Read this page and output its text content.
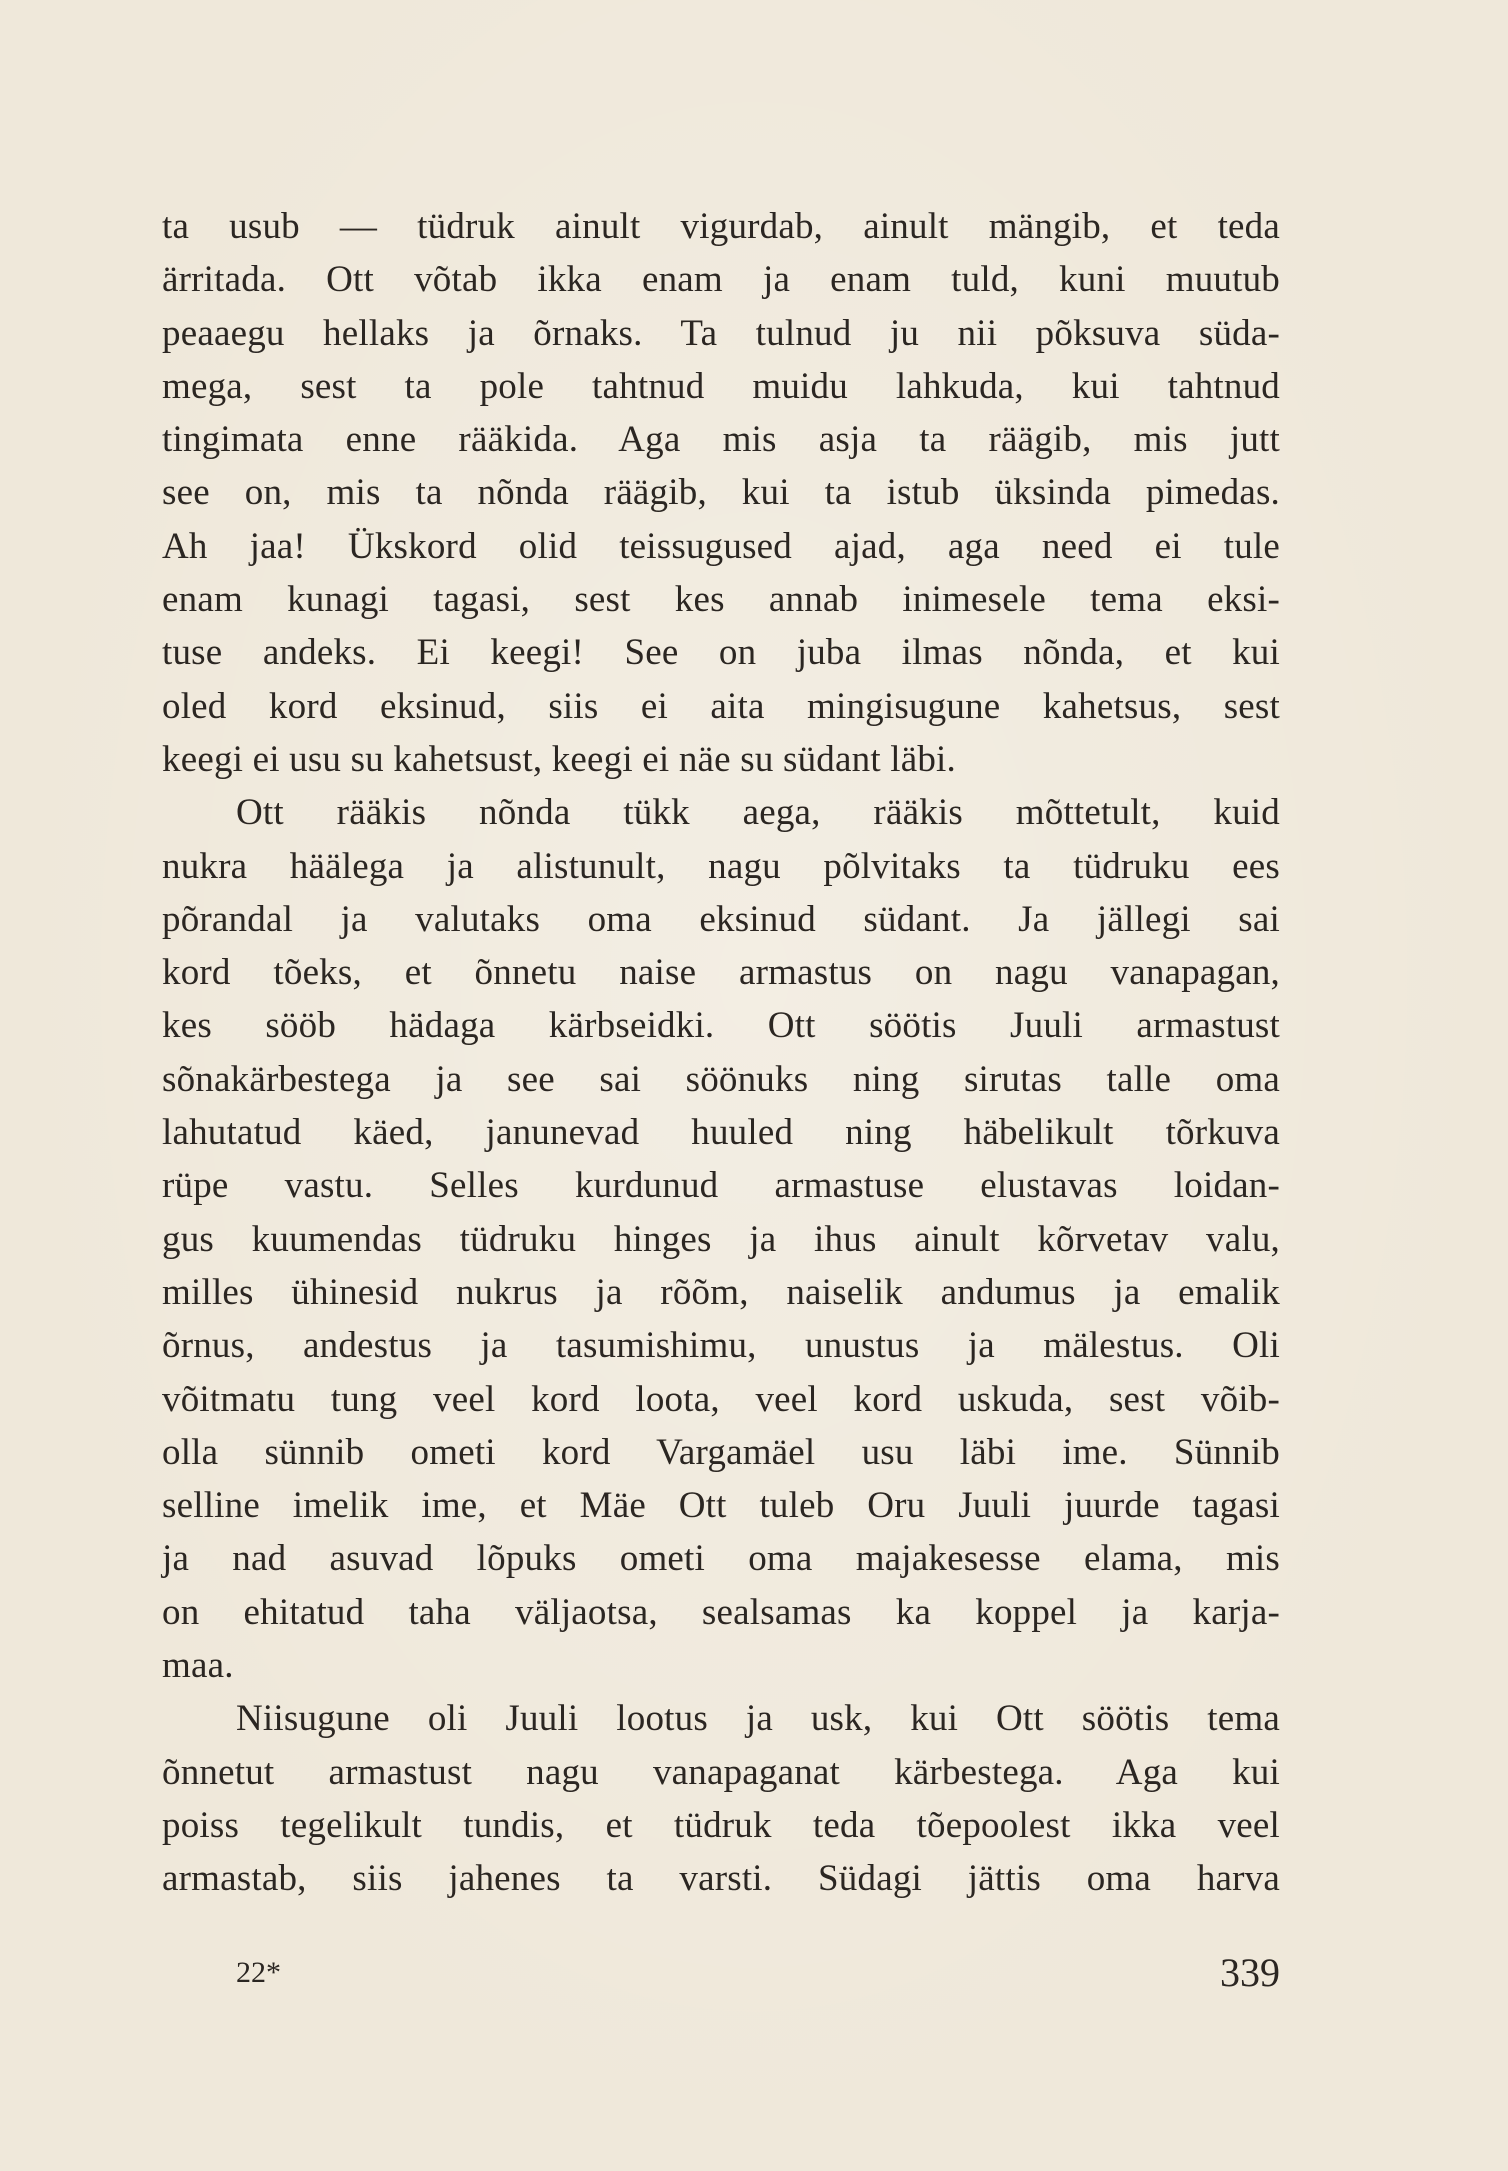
ta usub — tüdruk ainult vigurdab, ainult mängib, et teda
ärritada. Ott võtab ikka enam ja enam tuld, kuni muutub
peaaegu hellaks ja õrnaks. Ta tulnud ju nii põksuva süda-
mega, sest ta pole tahtnud muidu lahkuda, kui tahtnud
tingimata enne rääkida. Aga mis asja ta räägib, mis jutt
see on, mis ta nõnda räägib, kui ta istub üksinda pimedas.
Ah jaa! Ükskord olid teissugused ajad, aga need ei tule
enam kunagi tagasi, sest kes annab inimesele tema eksi-
tuse andeks. Ei keegi! See on juba ilmas nõnda, et kui
oled kord eksinud, siis ei aita mingisugune kahetsus, sest
keegi ei usu su kahetsust, keegi ei näe su südant läbi.
Ott rääkis nõnda tükk aega, rääkis mõttetult, kuid
nukra häälega ja alistunult, nagu põlvitaks ta tüdruku ees
põrandal ja valutaks oma eksinud südant. Ja jällegi sai
kord tõeks, et õnnetu naise armastus on nagu vanapagan,
kes sööb hädaga kärbseidki. Ott söötis Juuli armastust
sõnakärbestega ja see sai söönuks ning sirutas talle oma
lahutatud käed, janunevad huuled ning häbelikult tõrkuva
rüpe vastu. Selles kurdunud armastuse elustavas loidan-
gus kuumendas tüdruku hinges ja ihus ainult kõrvetav valu,
milles ühinesid nukrus ja rõõm, naiselik andumus ja emalik
õrnus, andestus ja tasumishimu, unustus ja mälestus. Oli
võitmatu tung veel kord loota, veel kord uskuda, sest võib-
olla sünnib ometi kord Vargamäel usu läbi ime. Sünnib
selline imelik ime, et Mäe Ott tuleb Oru Juuli juurde tagasi
ja nad asuvad lõpuks ometi oma majakesesse elama, mis
on ehitatud taha väljaotsa, sealsamas ka koppel ja karja-
maa.
Niisugune oli Juuli lootus ja usk, kui Ott söötis tema
õnnetut armastust nagu vanapaganat kärbestega. Aga kui
poiss tegelikult tundis, et tüdruk teda tõepoolest ikka veel
armastab, siis jahenes ta varsti. Südagi jättis oma harva
22*	339
